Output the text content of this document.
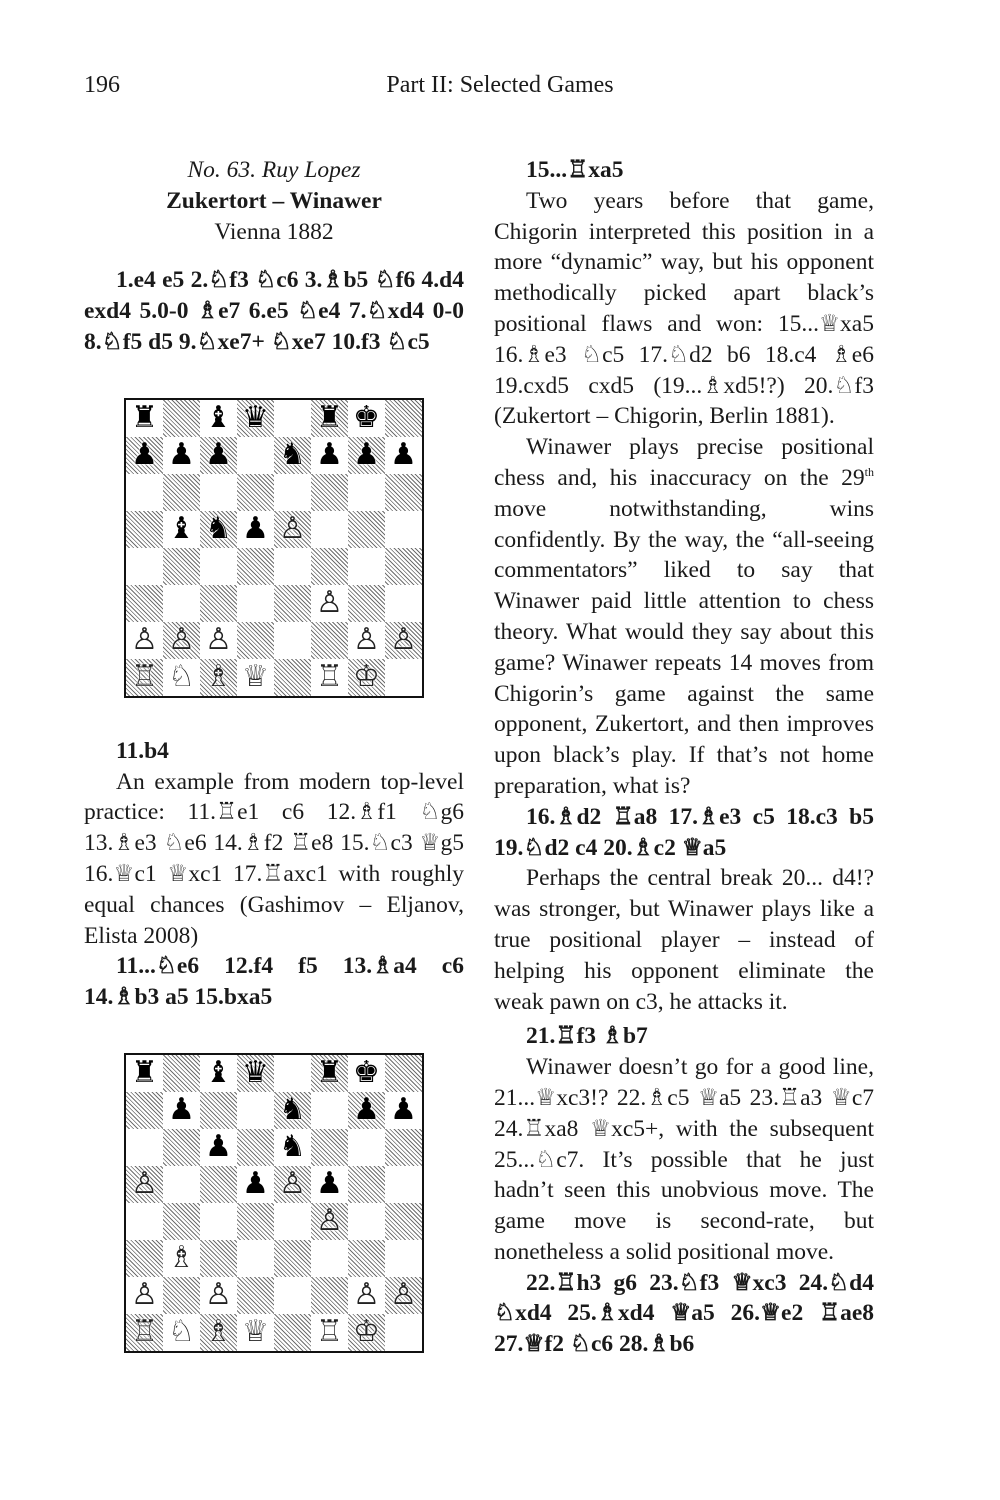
196	Part II: Selected Games
No. 63. Ruy Lopez
Zukertort – Winawer
Vienna 1882

1.e4 e5 2.♘f3 ♘c6 3.♗b5 ♘f6 4.d4 exd4 5.0-0 ♗e7 6.e5 ♘e4 7.♘xd4 0-0 8.♘f5 d5 9.♘xe7+ ♘xe7 10.f3 ♘c5

♜ ♝ ♛ ♜ ♚
♟ ♟ ♟ ♞ ♟ ♟ ♟
♝ ♞ ♟ ♙
♙
♙ ♙ ♙	♙ ♙
♖ ♘ ♗ ♕ ♖ ♔

11.b4

An example from modern top-level practice: 11.♖e1 c6 12.♗f1 ♘g6 13.♗e3 ♘e6 14.♗f2 ♖e8 15.♘c3 ♕g5 16.♕c1 ♕xc1 17.♖axc1 with roughly equal chances (Gashimov – Eljanov, Elista 2008)

11...♘e6 12.f4 f5 13.♗a4 c6 14.♗b3 a5 15.bxa5

♜ ♝ ♛ ♜ ♚
♟	♞ ♟ ♟
♟ ♞
♙	♟ ♙ ♟
♙
♗
♙ ♙	♙ ♙
♖ ♘ ♗ ♕ ♖ ♔

15...♖xa5

Two years before that game, Chigorin interpreted this position in a more “dynamic” way, but his opponent methodically picked apart black’s positional flaws and won: 15...♕xa5 16.♗e3 ♘c5 17.♘d2 b6 18.c4 ♗e6 19.cxd5 cxd5 (19...♗xd5!?) 20.♘f3 (Zukertort – Chigorin, Berlin 1881).

Winawer plays precise positional chess and, his inaccuracy on the 29th move notwithstanding, wins confidently. By the way, the “all-seeing commentators” liked to say that Winawer paid little attention to chess theory. What would they say about this game? Winawer repeats 14 moves from Chigorin’s game against the same opponent, Zukertort, and then improves upon black’s play. If that’s not home preparation, what is?

16.♗d2 ♖a8 17.♗e3 c5 18.c3 b5 19.♘d2 c4 20.♗c2 ♕a5

Perhaps the central break 20... d4!? was stronger, but Winawer plays like a true positional player – instead of helping his opponent eliminate the weak pawn on c3, he attacks it.

21.♖f3 ♗b7

Winawer doesn’t go for a good line, 21...♕xc3!? 22.♗c5 ♕a5 23.♖a3 ♕c7 24.♖xa8 ♕xc5+, with the subsequent 25...♘c7. It’s possible that he just hadn’t seen this unobvious move. The game move is second-rate, but nonetheless a solid positional move.

22.♖h3 g6 23.♘f3 ♕xc3 24.♘d4 ♘xd4 25.♗xd4 ♕a5 26.♕e2 ♖ae8 27.♕f2 ♘c6 28.♗b6
